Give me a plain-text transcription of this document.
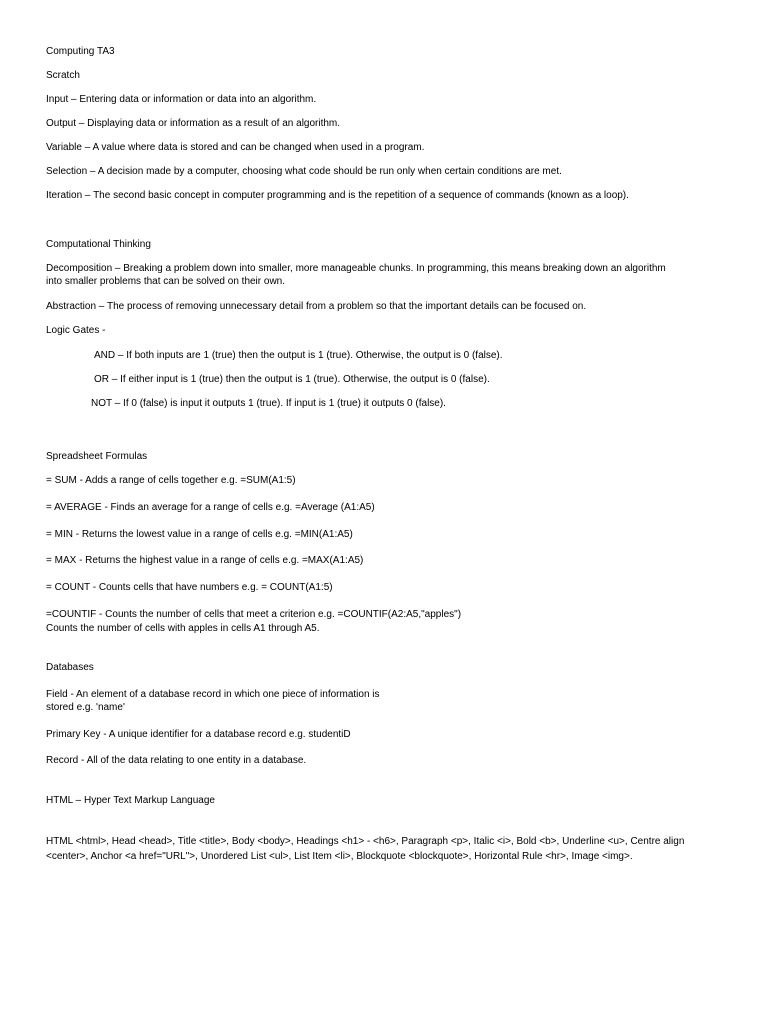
Computing TA3
Scratch
Input – Entering data or information or data into an algorithm.
Output – Displaying data or information as a result of an algorithm.
Variable – A value where data is stored and can be changed when used in a program.
Selection – A decision made by a computer, choosing what code should be run only when certain conditions are met.
Iteration – The second basic concept in computer programming and is the repetition of a sequence of commands (known as a loop).
Computational Thinking
Decomposition – Breaking a problem down into smaller, more manageable chunks. In programming, this means breaking down an algorithm
into smaller problems that can be solved on their own.
Abstraction – The process of removing unnecessary detail from a problem so that the important details can be focused on.
Logic Gates -
AND – If both inputs are 1 (true) then the output is 1 (true). Otherwise, the output is 0 (false).
OR – If either input is 1 (true) then the output is 1 (true). Otherwise, the output is 0 (false).
NOT – If 0 (false) is input it outputs 1 (true). If input is 1 (true) it outputs 0 (false).
Spreadsheet Formulas
= SUM - Adds a range of cells together e.g. =SUM(A1:5)
= AVERAGE - Finds an average for a range of cells e.g. =Average (A1:A5)
= MIN - Returns the lowest value in a range of cells e.g. =MIN(A1:A5)
= MAX - Returns the highest value in a range of cells e.g. =MAX(A1:A5)
= COUNT - Counts cells that have numbers e.g. = COUNT(A1:5)
=COUNTIF - Counts the number of cells that meet a criterion e.g. =COUNTIF(A2:A5,"apples")
Counts the number of cells with apples in cells A1 through A5.
Databases
Field - An element of a database record in which one piece of information is
stored e.g. 'name'
Primary Key - A unique identifier for a database record e.g. studentiD
Record - All of the data relating to one entity in a database.
HTML – Hyper Text Markup Language
HTML <html>, Head <head>, Title <title>, Body <body>, Headings <h1> - <h6>, Paragraph <p>, Italic <i>, Bold <b>, Underline <u>, Centre align
<center>, Anchor <a href="URL">, Unordered List <ul>, List Item <li>, Blockquote <blockquote>, Horizontal Rule <hr>, Image <img>.
